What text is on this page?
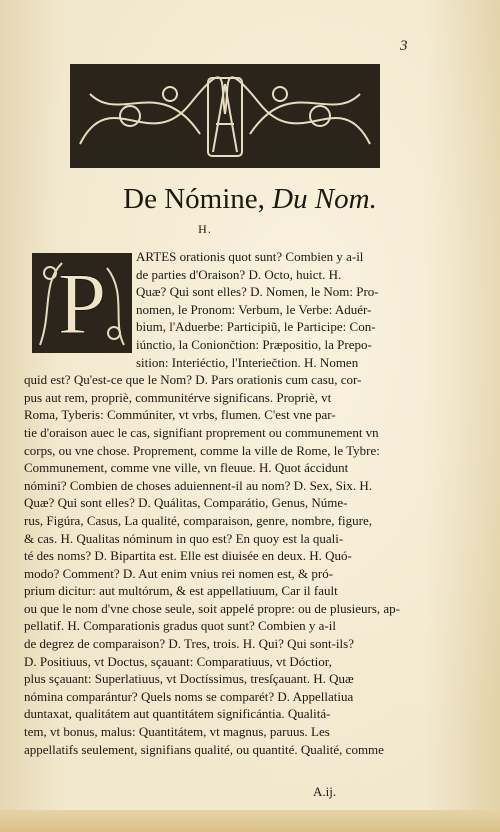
3
De Nómine, Du Nom.
H.
P	ARTES orationis quot sunt? Combien y a-il
de parties d'Oraison? D. Octo, huict. H.
Quæ? Qui sont elles? D. Nomen, le Nom: Pro-
nomen, le Pronom: Verbum, le Verbe: Aduér-
bium, l'Aduerbe: Participiũ, le Participe: Con-
iúnctio, la Coniončtion: Præpositio, la Prepo-
sition: Interiéctio, l'Interiečtion. H. Nomen
quid est? Qu'est-ce que le Nom? D. Pars orationis cum casu, cor-
pus aut rem, propriè, communitérve significans. Propriè, vt
Roma, Tyberis: Commúniter, vt vrbs, flumen. C'est vne par-
tie d'oraison auec le cas, signifiant proprement ou communement vn
corps, ou vne chose. Proprement, comme la ville de Rome, le Tybre:
Communement, comme vne ville, vn fleuue. H. Quot áccidunt
nómini? Combien de choses aduiennent-il au nom? D. Sex, Six. H.
Quæ? Qui sont elles? D. Quálitas, Comparátio, Genus, Núme-
rus, Figúra, Casus, La qualité, comparaison, genre, nombre, figure,
& cas. H. Qualitas nóminum in quo est? En quoy est la quali-
té des noms? D. Bipartita est. Elle est diuisée en deux. H. Quó-
modo? Comment? D. Aut enim vnius rei nomen est, & pró-
prium dicitur: aut multórum, & est appellatiuum, Car il fault
ou que le nom d'vne chose seule, soit appelé propre: ou de plusieurs, ap-
pellatif. H. Comparationis gradus quot sunt? Combien y a-il
de degrez de comparaison? D. Tres, trois. H. Qui? Qui sont-ils?
D. Positiuus, vt Doctus, sçauant: Comparatiuus, vt Dóctior,
plus sçauant: Superlatiuus, vt Doctíssimus, tresſçauant. H. Quæ
nómina comparántur? Quels noms se comparét? D. Appellatiua
duntaxat, qualitátem aut quantitátem significántia. Qualitá-
tem, vt bonus, malus: Quantitátem, vt magnus, paruus. Les
appellatifs seulement, signifians qualité, ou quantité. Qualité, comme
A.ij.
